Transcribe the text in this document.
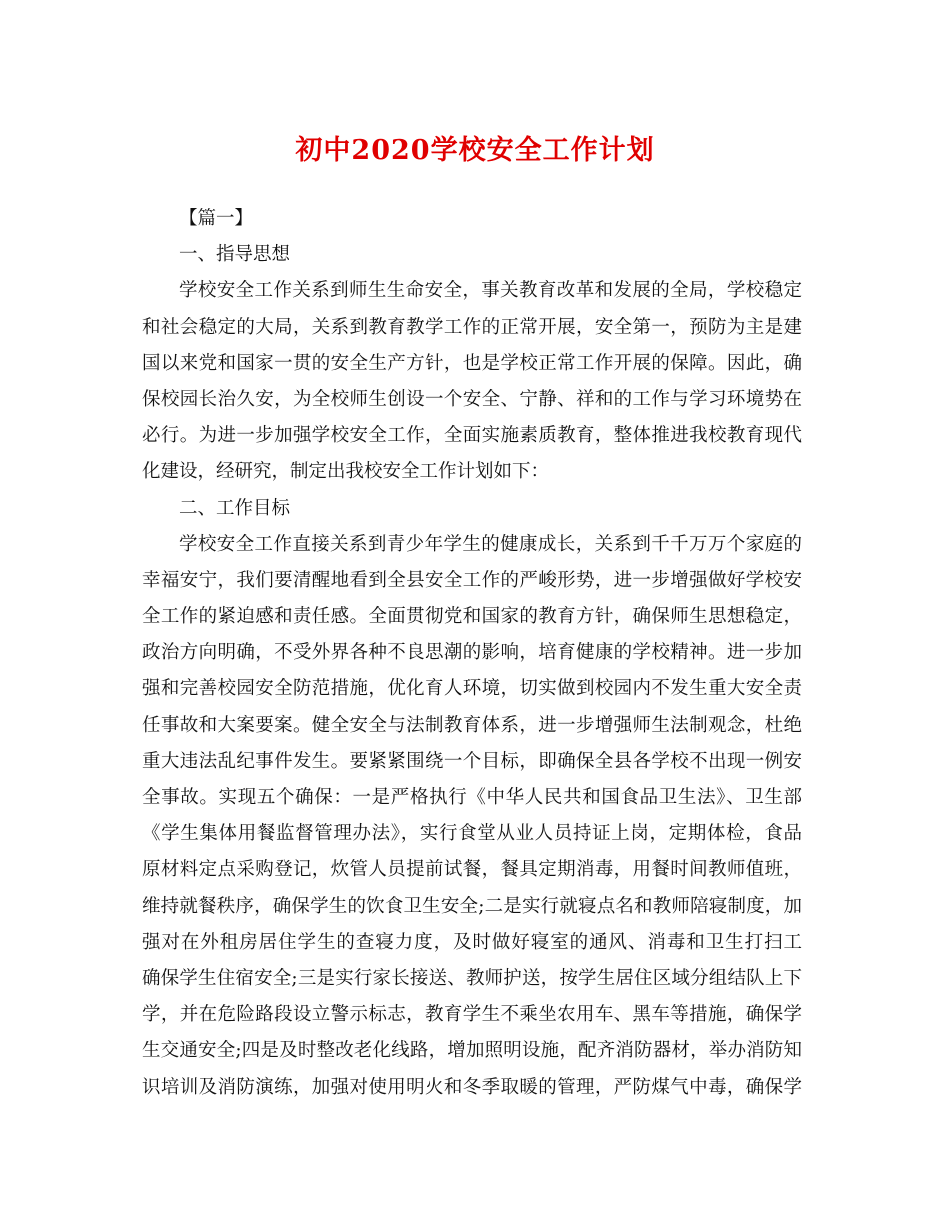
初中2020学校安全工作计划
【篇一】
一、指导思想
学校安全工作关系到师生生命安全，事关教育改革和发展的全局，学校稳定
和社会稳定的大局，关系到教育教学工作的正常开展，安全第一，预防为主是建
国以来党和国家一贯的安全生产方针，也是学校正常工作开展的保障。因此，确
保校园长治久安，为全校师生创设一个安全、宁静、祥和的工作与学习环境势在
必行。为进一步加强学校安全工作，全面实施素质教育，整体推进我校教育现代
化建设，经研究，制定出我校安全工作计划如下：
二、工作目标
学校安全工作直接关系到青少年学生的健康成长，关系到千千万万个家庭的
幸福安宁，我们要清醒地看到全县安全工作的严峻形势，进一步增强做好学校安
全工作的紧迫感和责任感。全面贯彻党和国家的教育方针，确保师生思想稳定，
政治方向明确，不受外界各种不良思潮的影响，培育健康的学校精神。进一步加
强和完善校园安全防范措施，优化育人环境，切实做到校园内不发生重大安全责
任事故和大案要案。健全安全与法制教育体系，进一步增强师生法制观念，杜绝
重大违法乱纪事件发生。要紧紧围绕一个目标，即确保全县各学校不出现一例安
全事故。实现五个确保：一是严格执行《中华人民共和国食品卫生法》、卫生部
《学生集体用餐监督管理办法》，实行食堂从业人员持证上岗，定期体检，食品
原材料定点采购登记，炊管人员提前试餐，餐具定期消毒，用餐时间教师值班，
维持就餐秩序，确保学生的饮食卫生安全;二是实行就寝点名和教师陪寝制度，加
强对在外租房居住学生的查寝力度，及时做好寝室的通风、消毒和卫生打扫工
确保学生住宿安全;三是实行家长接送、教师护送，按学生居住区域分组结队上下
学，并在危险路段设立警示标志，教育学生不乘坐农用车、黑车等措施，确保学
生交通安全;四是及时整改老化线路，增加照明设施，配齐消防器材，举办消防知
识培训及消防演练，加强对使用明火和冬季取暖的管理，严防煤气中毒，确保学
